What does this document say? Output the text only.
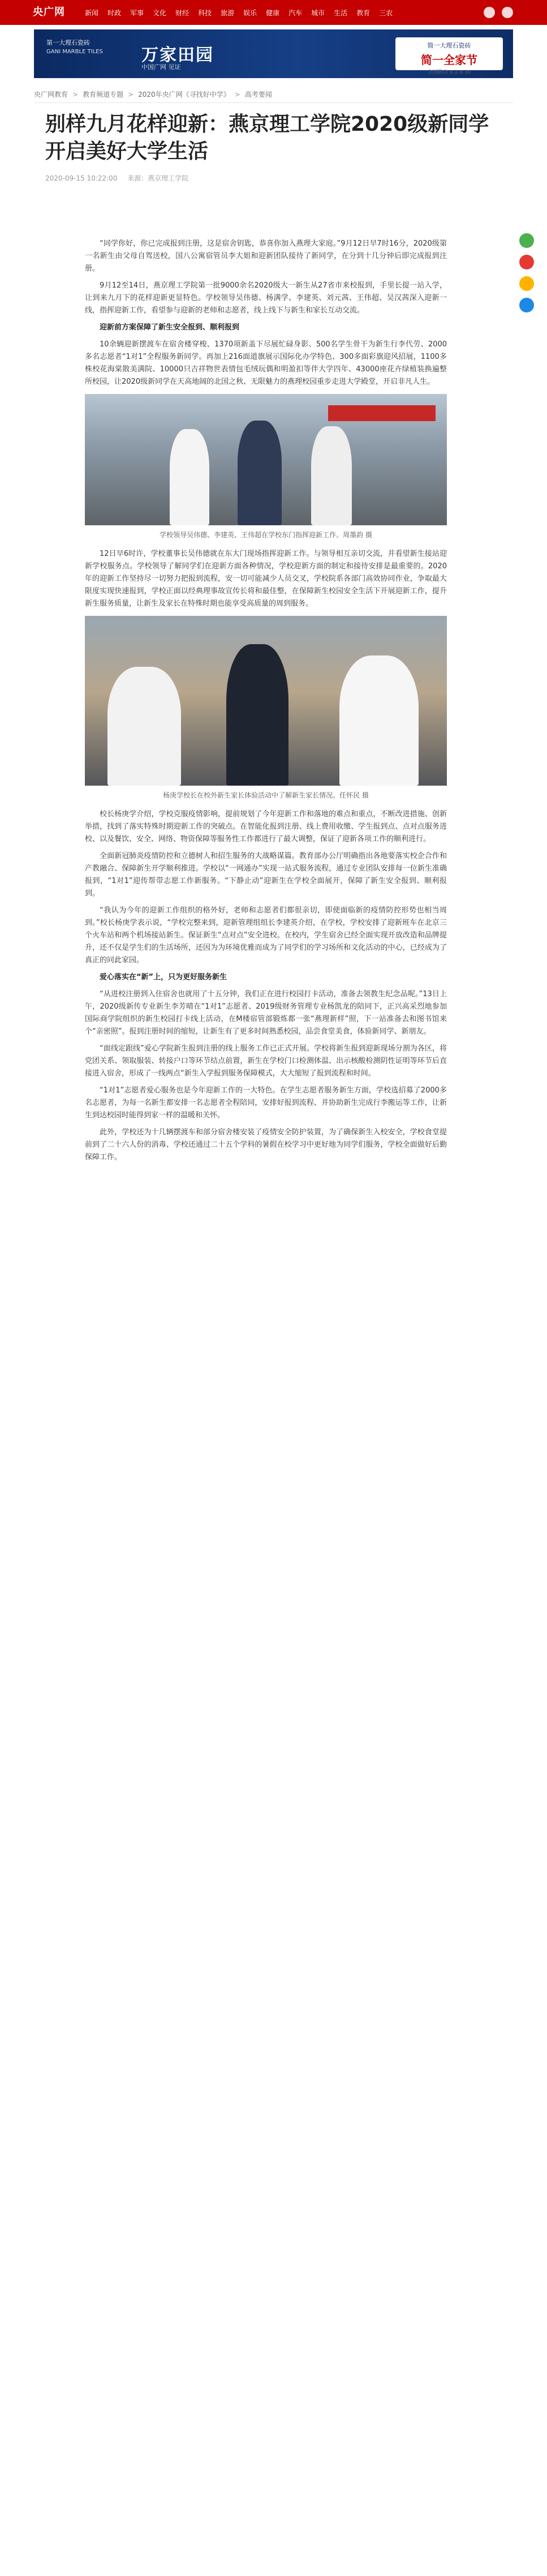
央广网	新闻 时政 军事 文化 财经 科技 旅游 娱乐 健康 汽车 城市 生活 教育 三农
第一大理石瓷砖
GANI MARBLE TILES 万家田园
中国广网 见证
简一大理石瓷砖
简一全家节
全国联动 9.1-9.30
央广网教育 > 教育频道专题 > 2020年央广网《寻找好中学》 > 高考要闻
别样九月花样迎新：燕京理工学院2020级新同学开启美好大学生活
2020-09-15 10:22:00 来源：燕京理工学院

“同学你好，你已完成报到注册，这是宿舍钥匙，恭喜你加入燕理大家庭。”9月12日早7时16分，2020级第一名新生由父母自驾送校，国八公寓宿管员李大姐和迎新团队接待了新同学，在分到十几分钟后即完成报到注册。

9月12至14日，燕京理工学院第一批9000余名2020级大一新生从27省市来校报到，手里长提一站入学，让到来九月下的花样迎新更显特色。学校领导吴伟德、杨满学、李建英、刘元茜、王伟超、吴汉茜深入迎新一线，指挥迎新工作，看望参与迎新的老师和志愿者，线上线下与新生和家长互动交流。

迎新前方案保障了新生安全报到、顺利报到

10余辆迎新摆渡车在宿舍楼穿梭、1370项新盖下尽展忙碌身影、500名学生骨干为新生行李代劳、2000多名志愿者“1对1”全程服务新同学。再加上216面道旗展示国际化办学特色、300多面彩旗迎风招展，1100多株校花海棠散美满院、10000只吉祥物世表情包毛绒玩偶和明盈扣等伴大学四年、43000座花卉绿植装换遍整所校园，让2020级新同学在天高地阔的北国之秋、无限魅力的燕理校园重步走进大学殿堂，开启非凡人生。

学校领导吴伟德、李建英、王伟超在学校东门指挥迎新工作。周墨韵 摄

12日早6时许，学校董事长吴伟德就在东大门现场指挥迎新工作。与领导相互亲切交流，并看望新生接站迎新学校服务点。学校领导了解同学们在迎新方面各种情况，学校迎新方面的制定和接待安排是最重要的。2020年的迎新工作坚持尽一切努力把报到流程，安一切可能减少人员交叉，学校院系各部门高效协同作业，争取最大限度实现快速报到，学校正面以经典理事故宣传长将和最佳整，在保障新生校园安全生活下开展迎新工作，提升新生服务质量，让新生及家长在特殊时期也能享受高质量的周到服务。

杨庚学校长在校外新生家长体验活动中了解新生家长情况。任怀民 摄

校长杨庚学介绍，学校克服疫情影响，提前规划了今年迎新工作和落地的难点和重点，不断改进措施、创新举措，找到了落实特殊时期迎新工作的突破点。在智能化报到注册、线上费用收缴、学生报到点、点对点服务进校、以及餐饮、安全、网络、物资保障等服务性工作都进行了最大调整，保证了迎新各项工作的顺利进行。

全面新冠肺炎疫情防控和立德树人和招生服务的大战略谋篇。教育部办公厅明确指出各地要落实校企合作和产教融合、保障新生开学顺利推进。学校以“一网通办”实现一站式服务流程，通过专业团队安排每一位新生准确报到，“1对1”迎传帮带志愿工作新服务。“下静止动”迎新生在学校全面展开，保障了新生安全报到、顺利报到。

“我认为今年的迎新工作组织的格外好，老师和志愿者们都很亲切，即使面临新的疫情防控形势也相当周到。”校长杨庚学表示说，“学校完整来到，迎新管理组组长李建英介绍，在学校，学校安排了迎新班车在北京三个火车站和两个机场接站新生。保证新生“点对点”安全进校。在校内，学生宿舍已经全面实现开放改造和品牌提升，还不仅是学生们的生活场所，还因为为环境优雅而成为了同学们的学习场所和文化活动的中心，已经成为了真正的同此家园。

爱心落实在“新”上，只为更好服务新生

“从进校注册到入住宿舍也就用了十五分钟，我们正在进行校园打卡活动，准备去领教生纪念品呢。”13日上午，2020级新传专业新生李芳晴在“1对1”志愿者、2019级财务管理专业杨凯龙的陪同下，正兴高采烈地参加国际商学院组织的新生校园打卡线上活动，在M楼宿管部锻炼都一张“燕理新样”照，下一站准备去和图书馆来个“亲密照”。报到注册时间的缩短，让新生有了更多时间熟悉校园，品尝食堂美食，体验新同学、新朋友。

“面线定跟线”爱心学院新生报到注册的线上服务工作已正式开展。学校将新生报到迎新现场分割为各区，将党团关系、领取服装、转接户口等环节结点前置，新生在学校门口检测体温、出示核酸检测阴性证明等环节后直接进入宿舍，形成了一线两点“新生入学报到服务保障模式，大大缩短了报到流程和时间。

“1对1”志愿者爱心服务也是今年迎新工作的一大特色。在学生志愿者服务新生方面，学校选招募了2000多名志愿者，为每一名新生都安排一名志愿者全程陪同，安排好报到流程、并协助新生完成行李搬运等工作，让新生到达校园时能得到家一样的温暖和关怀。

此外，学校还为十几辆摆渡车和部分宿舍楼安装了疫情安全防护装置，为了确保新生入校安全，学校食堂提前到了二十六人份的消毒、学校还通过二十五个学科的暑假在校学习中更好地为同学们服务，学校全面做好后勤保障工作。
